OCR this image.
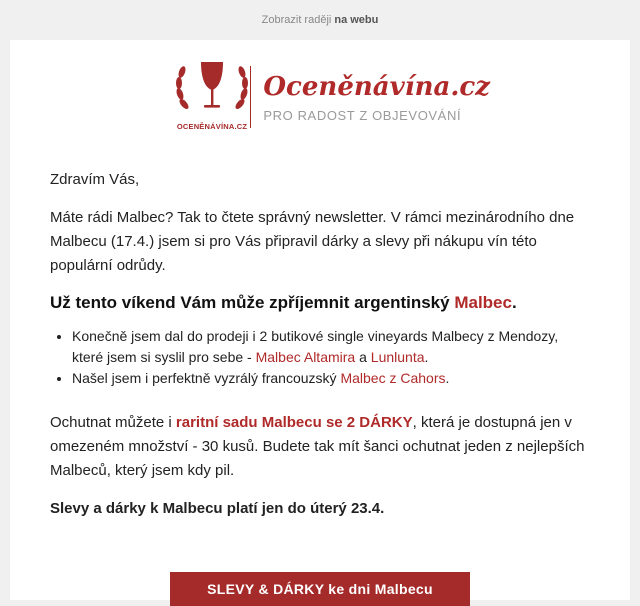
Zobrazit raději na webu
OCENĚNÁVÍNA.CZ
Oceněnávína.cz
PRO RADOST Z OBJEVOVÁNÍ

Zdravím Vás,

Máte rádi Malbec? Tak to čtete správný newsletter. V rámci mezinárodního dne Malbecu (17.4.) jsem si pro Vás připravil dárky a slevy při nákupu vín této populární odrůdy.

Už tento víkend Vám může zpříjemnit argentinský Malbec.
• Konečně jsem dal do prodeji i 2 butikové single vineyards Malbecy z Mendozy, které jsem si syslil pro sebe - Malbec Altamira a Lunlunta.
• Našel jsem i perfektně vyzrálý francouzský Malbec z Cahors.

Ochutnat můžete i raritní sadu Malbecu se 2 DÁRKY, která je dostupná jen v omezeném množství - 30 kusů. Budete tak mít šanci ochutnat jeden z nejlepších Malbeců, který jsem kdy pil.

Slevy a dárky k Malbecu platí jen do úterý 23.4.

SLEVY & DÁRKY ke dni Malbecu
